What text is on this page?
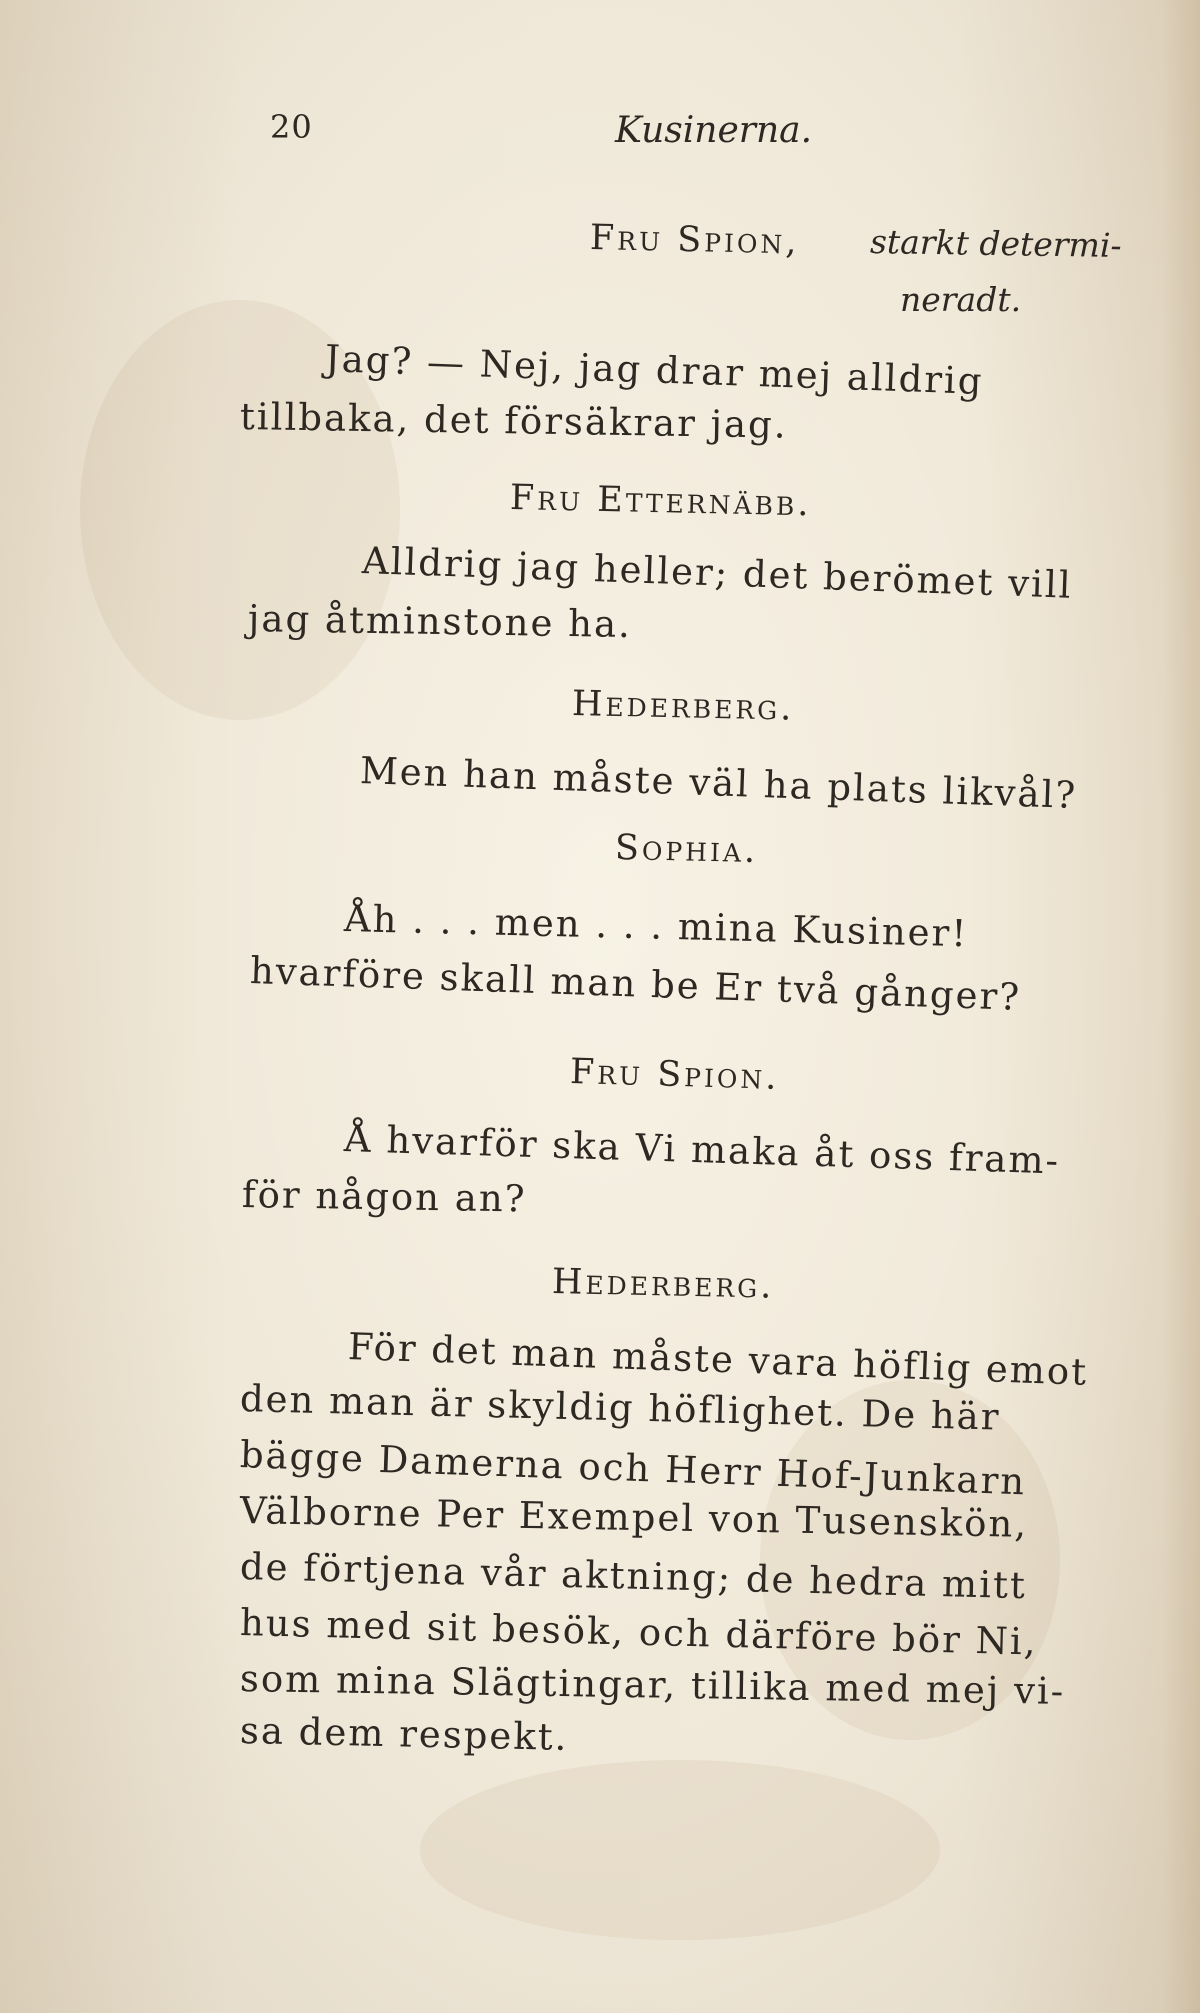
20	Kusinerna.
Fru Spion, starkt determi-
neradt.
Jag? — Nej, jag drar mej alldrig
tillbaka, det försäkrar jag.
Fru Etternäbb.
Alldrig jag heller; det berömet vill
jag åtminstone ha.
Hederberg.
Men han måste väl ha plats likvål?
Sophia.
Åh . . . men . . . mina Kusiner!
hvarföre skall man be Er två gånger?
Fru Spion.
Å hvarför ska Vi maka åt oss fram-
för någon an?
Hederberg.
För det man måste vara höflig emot
den man är skyldig höflighet. De här
bägge Damerna och Herr Hof-Junkarn
Välborne Per Exempel von Tusenskön,
de förtjena vår aktning; de hedra mitt
hus med sit besök, och därföre bör Ni,
som mina Slägtingar, tillika med mej vi-
sa dem respekt.
